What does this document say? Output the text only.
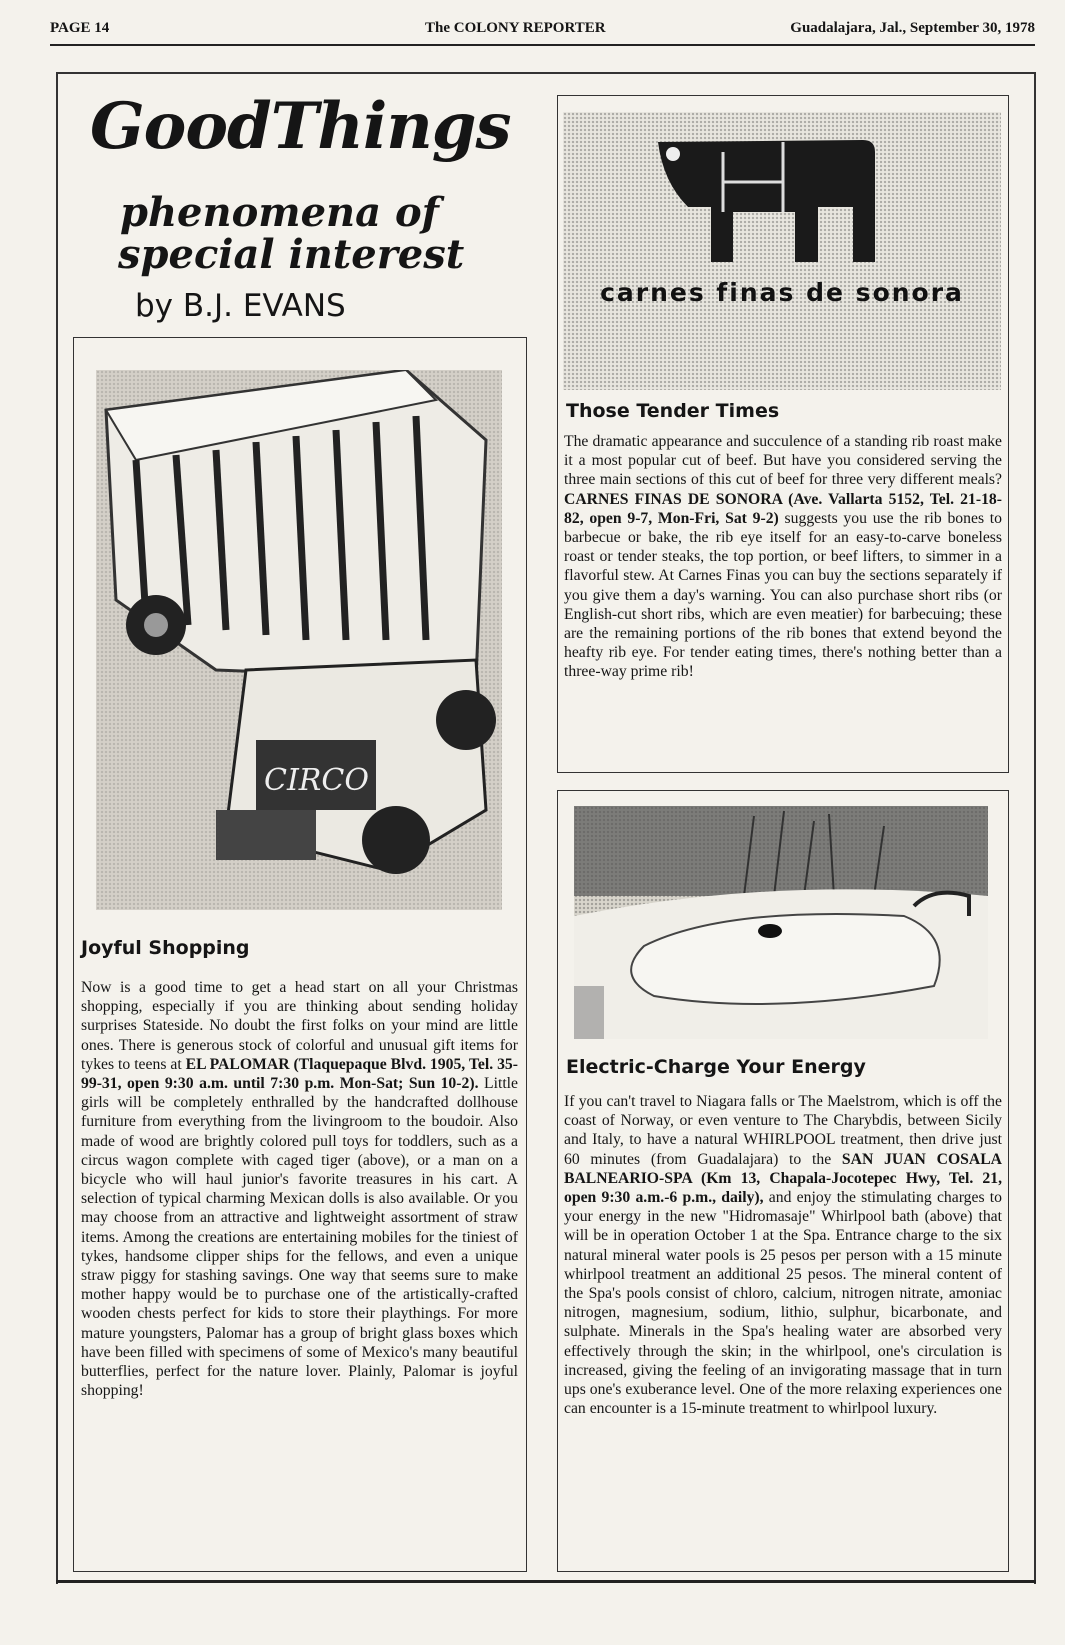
PAGE 14	The COLONY REPORTER	Guadalajara, Jal., September 30, 1978
GoodThings
phenomena of
special interest
by B.J. EVANS
CIRCO
Joyful Shopping
Now is a good time to get a head start on all your Christmas shopping, especially if you are thinking about sending holiday surprises Stateside. No doubt the first folks on your mind are little ones. There is generous stock of colorful and unusual gift items for tykes to teens at EL PALOMAR (Tlaquepaque Blvd. 1905, Tel. 35-99-31, open 9:30 a.m. until 7:30 p.m. Mon-Sat; Sun 10-2). Little girls will be completely enthralled by the handcrafted dollhouse furniture from everything from the livingroom to the boudoir. Also made of wood are brightly colored pull toys for toddlers, such as a circus wagon complete with caged tiger (above), or a man on a bicycle who will haul junior's favorite treasures in his cart. A selection of typical charming Mexican dolls is also available. Or you may choose from an attractive and lightweight assortment of straw items. Among the creations are entertaining mobiles for the tiniest of tykes, handsome clipper ships for the fellows, and even a unique straw piggy for stashing savings. One way that seems sure to make mother happy would be to purchase one of the artistically-crafted wooden chests perfect for kids to store their playthings. For more mature youngsters, Palomar has a group of bright glass boxes which have been filled with specimens of some of Mexico's many beautiful butterflies, perfect for the nature lover. Plainly, Palomar is joyful shopping!
carnes finas de sonora
Those Tender Times
The dramatic appearance and succulence of a standing rib roast make it a most popular cut of beef. But have you considered serving the three main sections of this cut of beef for three very different meals? CARNES FINAS DE SONORA (Ave. Vallarta 5152, Tel. 21-18-82, open 9-7, Mon-Fri, Sat 9-2) suggests you use the rib bones to barbecue or bake, the rib eye itself for an easy-to-carve boneless roast or tender steaks, the top portion, or beef lifters, to simmer in a flavorful stew. At Carnes Finas you can buy the sections separately if you give them a day's warning. You can also purchase short ribs (or English-cut short ribs, which are even meatier) for barbecuing; these are the remaining portions of the rib bones that extend beyond the heafty rib eye. For tender eating times, there's nothing better than a three-way prime rib!
Electric-Charge Your Energy
If you can't travel to Niagara falls or The Maelstrom, which is off the coast of Norway, or even venture to The Charybdis, between Sicily and Italy, to have a natural WHIRLPOOL treatment, then drive just 60 minutes (from Guadalajara) to the SAN JUAN COSALA BALNEARIO-SPA (Km 13, Chapala-Jocotepec Hwy, Tel. 21, open 9:30 a.m.-6 p.m., daily), and enjoy the stimulating charges to your energy in the new "Hidromasaje" Whirlpool bath (above) that will be in operation October 1 at the Spa. Entrance charge to the six natural mineral water pools is 25 pesos per person with a 15 minute whirlpool treatment an additional 25 pesos. The mineral content of the Spa's pools consist of chloro, calcium, nitrogen nitrate, amoniac nitrogen, magnesium, sodium, lithio, sulphur, bicarbonate, and sulphate. Minerals in the Spa's healing water are absorbed very effectively through the skin; in the whirlpool, one's circulation is increased, giving the feeling of an invigorating massage that in turn ups one's exuberance level. One of the more relaxing experiences one can encounter is a 15-minute treatment to whirlpool luxury.
